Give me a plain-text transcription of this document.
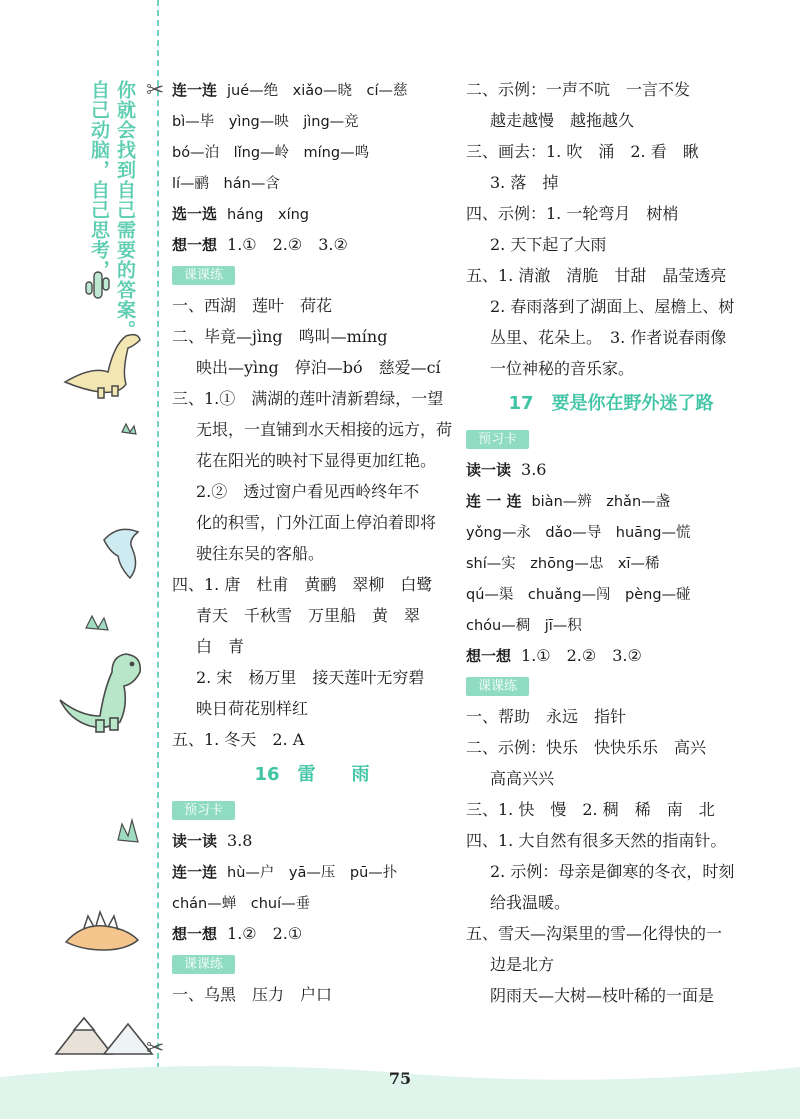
✂
✂
你就会找到自己需要的答案。
自己动脑，自己思考，
75
连一连 jué—绝　xiǎo—晓　cí—慈
bì—毕　yìng—映　jìng—竞
bó—泊　lǐng—岭　míng—鸣
lí—鹂　hán—含
选一选 háng　xíng
想一想 1.①　2.②　3.②
课课练
一、西湖　莲叶　荷花
二、毕竟—jìng　鸣叫—míng
映出—yìng　停泊—bó　慈爱—cí
三、1.①　满湖的莲叶清新碧绿，一望
无垠，一直铺到水天相接的远方，荷
花在阳光的映衬下显得更加红艳。
2.②　透过窗户看见西岭终年不
化的积雪，门外江面上停泊着即将
驶往东吴的客船。
四、1. 唐　杜甫　黄鹂　翠柳　白鹭
青天　千秋雪　万里船　黄　翠
白　青
2. 宋　杨万里　接天莲叶无穷碧
映日荷花别样红
五、1. 冬天　2. A
16　雷　　雨
预习卡
读一读 3.8
连一连 hù—户　yā—压　pū—扑
chán—蝉　chuí—垂
想一想 1.②　2.①
课课练
一、乌黑　压力　户口
二、示例：一声不吭　一言不发
越走越慢　越拖越久
三、画去：1. 吹　涌　2. 看　瞅
3. 落　掉
四、示例：1. 一轮弯月　树梢
2. 天下起了大雨
五、1. 清澈　清脆　甘甜　晶莹透亮
2. 春雨落到了湖面上、屋檐上、树
丛里、花朵上。　3. 作者说春雨像
一位神秘的音乐家。
17　要是你在野外迷了路
预习卡
读一读 3.6
连 一 连 biàn—辨　zhǎn—盏
yǒng—永　dǎo—导　huāng—慌
shí—实　zhōng—忠　xī—稀
qú—渠　chuǎng—闯　pèng—碰
chóu—稠　jī—积
想一想 1.①　2.②　3.②
课课练
一、帮助　永远　指针
二、示例：快乐　快快乐乐　高兴
高高兴兴
三、1. 快　慢　2. 稠　稀　南　北
四、1. 大自然有很多天然的指南针。
2. 示例：母亲是御寒的冬衣，时刻
给我温暖。
五、雪天—沟渠里的雪—化得快的一
边是北方
阴雨天—大树—枝叶稀的一面是
